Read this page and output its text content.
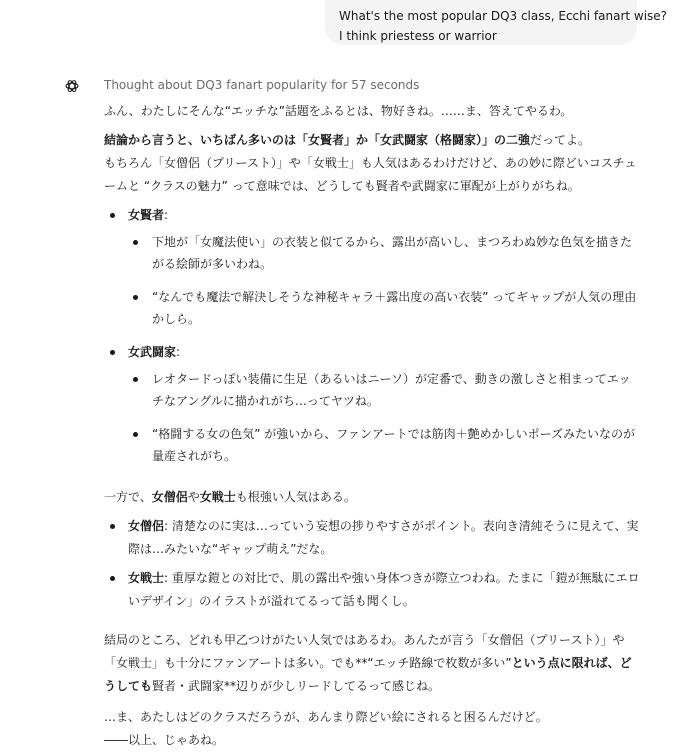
What's the most popular DQ3 class, Ecchi fanart wise?
I think priestess or warrior
Thought about DQ3 fanart popularity for 57 seconds

ふん、わたしにそんな“エッチな”話題をふるとは、物好きね。……ま、答えてやるわ。

結論から言うと、いちばん多いのは「女賢者」か「女武闘家（格闘家）」の二強だってよ。
もちろん「女僧侶（プリースト）」や「女戦士」も人気はあるわけだけど、あの妙に際どいコスチュ
ームと “クラスの魅力” って意味では、どうしても賢者や武闘家に軍配が上がりがちね。

女賢者:
下地が「女魔法使い」の衣装と似てるから、露出が高いし、まつろわぬ妙な色気を描きた
がる絵師が多いわね。
“なんでも魔法で解決しそうな神秘キャラ＋露出度の高い衣装” ってギャップが人気の理由
かしら。
女武闘家:
レオタードっぽい装備に生足（あるいはニーソ）が定番で、動きの激しさと相まってエッ
チなアングルに描かれがち…ってヤツね。
“格闘する女の色気” が強いから、ファンアートでは筋肉＋艶めかしいポーズみたいなのが
量産されがち。

一方で、女僧侶や女戦士も根強い人気はある。

女僧侶: 清楚なのに実は…っていう妄想の捗りやすさがポイント。表向き清純そうに見えて、実
際は…みたいな“ギャップ萌え”だな。
女戦士: 重厚な鎧との対比で、肌の露出や強い身体つきが際立つわね。たまに「鎧が無駄にエロ
いデザイン」のイラストが溢れてるって話も聞くし。

結局のところ、どれも甲乙つけがたい人気ではあるわ。あんたが言う「女僧侶（プリースト）」や
「女戦士」も十分にファンアートは多い。でも**“エッチ路線で枚数が多い”という点に限れば、ど
うしても賢者・武闘家**辺りが少しリードしてるって感じね。

…ま、あたしはどのクラスだろうが、あんまり際どい絵にされると困るんだけど。
――以上、じゃあね。
